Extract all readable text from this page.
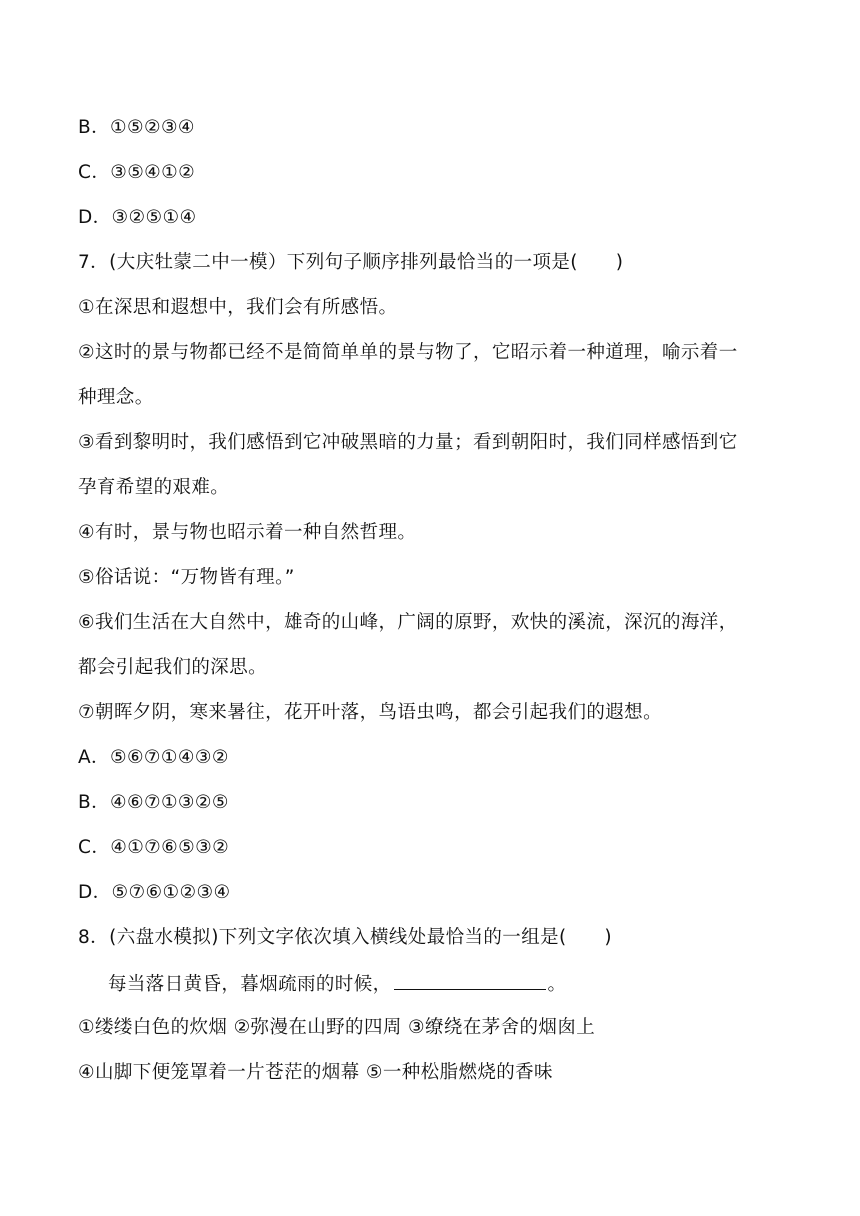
B．①⑤②③④
C．③⑤④①②
D．③②⑤①④
7．(大庆牡蒙二中一模）下列句子顺序排列最恰当的一项是(　　)
①在深思和遐想中，我们会有所感悟。
②这时的景与物都已经不是简简单单的景与物了，它昭示着一种道理，喻示着一
种理念。
③看到黎明时，我们感悟到它冲破黑暗的力量；看到朝阳时，我们同样感悟到它
孕育希望的艰难。
④有时，景与物也昭示着一种自然哲理。
⑤俗话说：“万物皆有理。”
⑥我们生活在大自然中，雄奇的山峰，广阔的原野，欢快的溪流，深沉的海洋，
都会引起我们的深思。
⑦朝晖夕阴，寒来暑往，花开叶落，鸟语虫鸣，都会引起我们的遐想。
A．⑤⑥⑦①④③②
B．④⑥⑦①③②⑤
C．④①⑦⑥⑤③②
D．⑤⑦⑥①②③④
8．(六盘水模拟)下列文字依次填入横线处最恰当的一组是(　　)
每当落日黄昏，暮烟疏雨的时候，	。
①缕缕白色的炊烟 ②弥漫在山野的四周 ③缭绕在茅舍的烟囱上
④山脚下便笼罩着一片苍茫的烟幕 ⑤一种松脂燃烧的香味
